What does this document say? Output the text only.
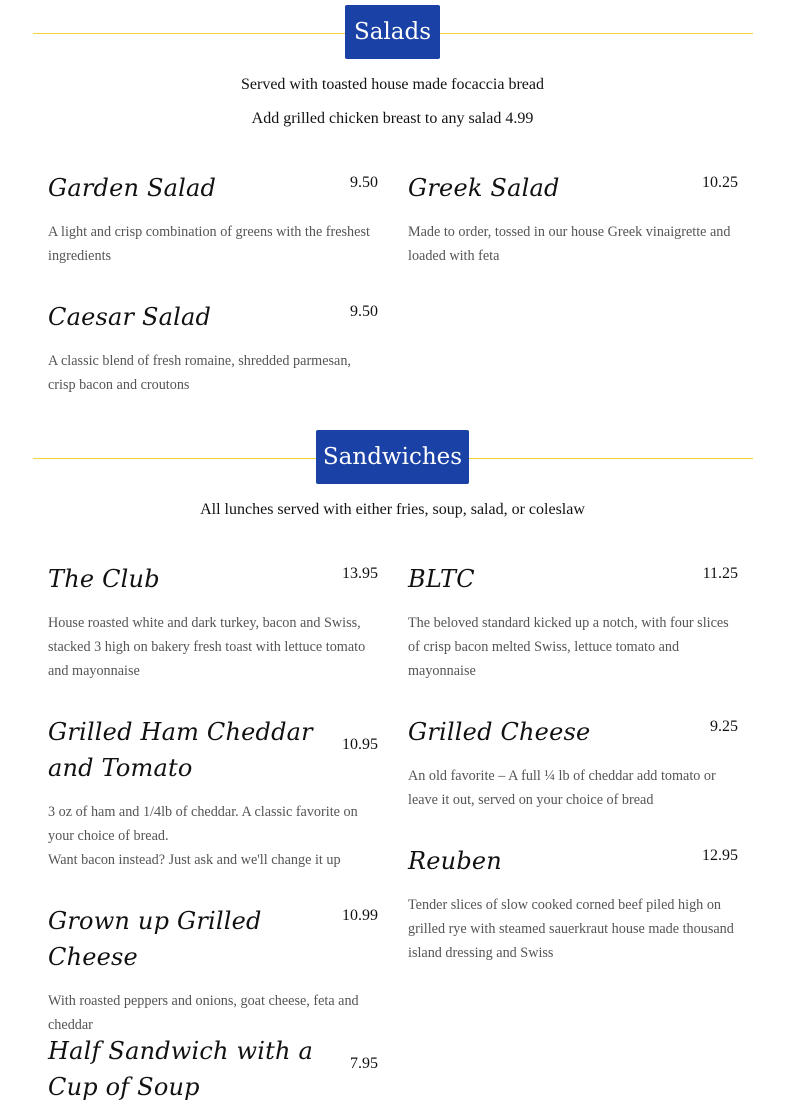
Salads
Served with toasted house made focaccia bread
Add grilled chicken breast to any salad 4.99
Garden Salad	9.50
A light and crisp combination of greens with the freshest ingredients
Greek Salad	10.25
Made to order, tossed in our house Greek vinaigrette and loaded with feta
Caesar Salad	9.50
A classic blend of fresh romaine, shredded parmesan, crisp bacon and croutons
Sandwiches
All lunches served with either fries, soup, salad, or coleslaw
The Club	13.95
House roasted white and dark turkey, bacon and Swiss, stacked 3 high on bakery fresh toast with lettuce tomato and mayonnaise
BLTC	11.25
The beloved standard kicked up a notch, with four slices of crisp bacon melted Swiss, lettuce tomato and mayonnaise
Grilled Ham Cheddar and Tomato
10.95
3 oz of ham and 1/4lb of cheddar. A classic favorite on your choice of bread.
Want bacon instead? Just ask and we'll change it up
Grilled Cheese	9.25
An old favorite – A full ¼ lb of cheddar add tomato or leave it out, served on your choice of bread
Reuben	12.95
Tender slices of slow cooked corned beef piled high on grilled rye with steamed sauerkraut house made thousand island dressing and Swiss
Grown up Grilled Cheese
10.99
With roasted peppers and onions, goat cheese, feta and cheddar
Half Sandwich with a Cup of Soup
7.95
